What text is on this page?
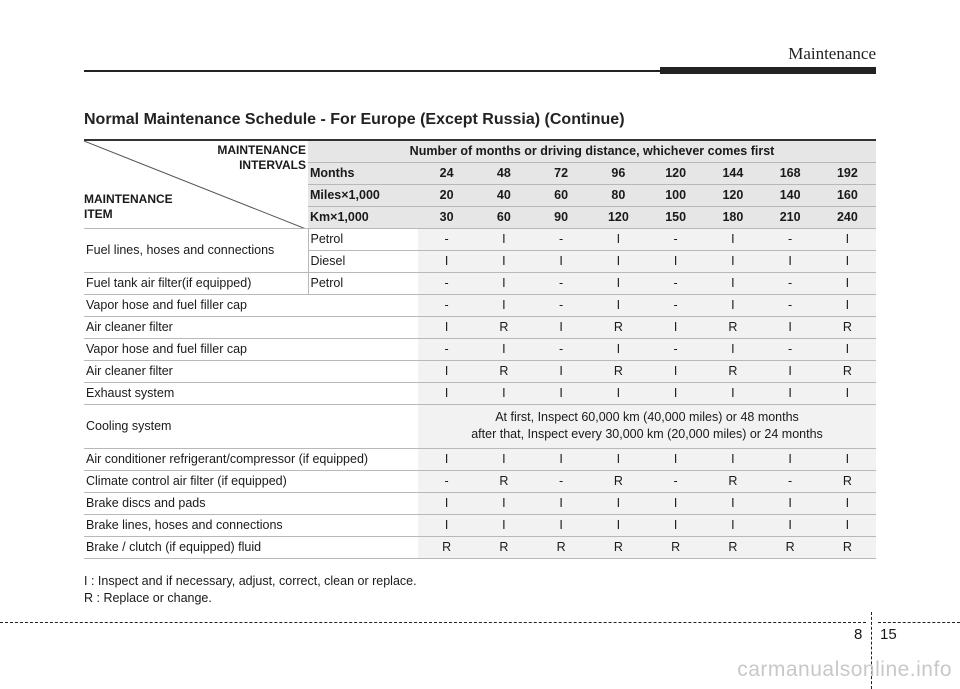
Maintenance
Normal Maintenance Schedule - For Europe (Except Russia) (Continue)
MAINTENANCE
INTERVALS
MAINTENANCE
ITEM	Number of months or driving distance, whichever comes first								
	Months	24	48	72	96	120	144	168	192
	Miles×1,000	20	40	60	80	100	120	140	160
	Km×1,000	30	60	90	120	150	180	210	240
Fuel lines, hoses and connections	Petrol	-	I	-	I	-	I	-	I
	Diesel	I	I	I	I	I	I	I	I
Fuel tank air filter(if equipped)	Petrol	-	I	-	I	-	I	-	I
Vapor hose and fuel filler cap		-	I	-	I	-	I	-	I
Air cleaner filter		I	R	I	R	I	R	I	R
Vapor hose and fuel filler cap		-	I	-	I	-	I	-	I
Air cleaner filter		I	R	I	R	I	R	I	R
Exhaust system		I	I	I	I	I	I	I	I
Cooling system		At first, Inspect 60,000 km (40,000 miles) or 48 months
after that, Inspect every 30,000 km (20,000 miles) or 24 months							

Air conditioner refrigerant/compressor (if equipped)		I	I	I	I	I	I	I	I
Climate control air filter (if equipped)		-	R	-	R	-	R	-	R
Brake discs and pads		I	I	I	I	I	I	I	I
Brake lines, hoses and connections		I	I	I	I	I	I	I	I
Brake / clutch (if equipped) fluid		R	R	R	R	R	R	R	R
I : Inspect and if necessary, adjust, correct, clean or replace.
R : Replace or change.
8 15
carmanualsonline.info
